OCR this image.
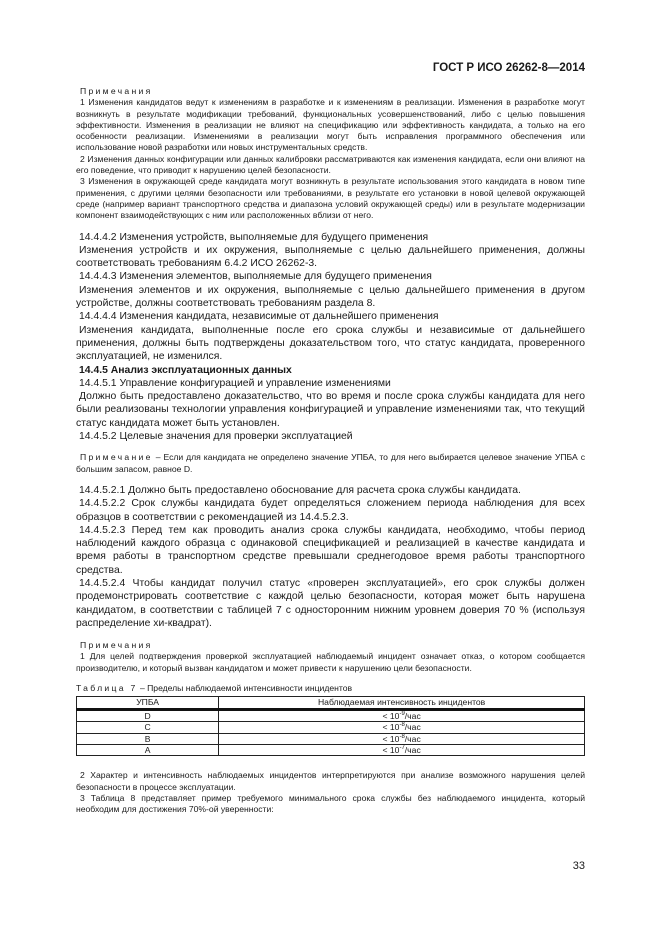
ГОСТ Р ИСО 26262-8—2014

Примечания

1 Изменения кандидатов ведут к изменениям в разработке и к изменениям в реализации. Изменения в разработке могут возникнуть в результате модификации требований, функциональных усовершенствований, либо с целью повышения эффективности. Изменения в реализации не влияют на спецификацию или эффективность кандидата, а только на его особенности реализации. Изменениями в реализации могут быть исправления программного обеспечения или использование новой разработки или новых инструментальных средств.

2 Изменения данных конфигурации или данных калибровки рассматриваются как изменения кандидата, если они влияют на его поведение, что приводит к нарушению целей безопасности.

3 Изменения в окружающей среде кандидата могут возникнуть в результате использования этого кандидата в новом типе применения, с другими целями безопасности или требованиями, в результате его установки в новой целевой окружающей среде (например вариант транспортного средства и диапазона условий окружающей среды) или в результате модернизации компонент взаимодействующих с ним или расположенных вблизи от него.

14.4.4.2 Изменения устройств, выполняемые для будущего применения

Изменения устройств и их окружения, выполняемые с целью дальнейшего применения, должны соответствовать требованиям 6.4.2 ИСО 26262-3.

14.4.4.3 Изменения элементов, выполняемые для будущего применения

Изменения элементов и их окружения, выполняемые с целью дальнейшего применения в другом устройстве, должны соответствовать требованиям раздела 8.

14.4.4.4 Изменения кандидата, независимые от дальнейшего применения

Изменения кандидата, выполненные после его срока службы и независимые от дальнейшего применения, должны быть подтверждены доказательством того, что статус кандидата, проверенного эксплуатацией, не изменился.

14.4.5 Анализ эксплуатационных данных

14.4.5.1 Управление конфигурацией и управление изменениями

Должно быть предоставлено доказательство, что во время и после срока службы кандидата для него были реализованы технологии управления конфигурацией и управление изменениями так, что текущий статус кандидата может быть установлен.

14.4.5.2 Целевые значения для проверки эксплуатацией

Примечание – Если для кандидата не определено значение УПБА, то для него выбирается целевое значение УПБА с большим запасом, равное D.

14.4.5.2.1 Должно быть предоставлено обоснование для расчета срока службы кандидата.

14.4.5.2.2 Срок службы кандидата будет определяться сложением периода наблюдения для всех образцов в соответствии с рекомендацией из 14.4.5.2.3.

14.4.5.2.3 Перед тем как проводить анализ срока службы кандидата, необходимо, чтобы период наблюдений каждого образца с одинаковой спецификацией и реализацией в качестве кандидата и время работы в транспортном средстве превышали среднегодовое время работы транспортного средства.

14.4.5.2.4 Чтобы кандидат получил статус «проверен эксплуатацией», его срок службы должен продемонстрировать соответствие с каждой целью безопасности, которая может быть нарушена кандидатом, в соответствии с таблицей 7 с односторонним нижним уровнем доверия 70 % (используя распределение хи-квадрат).

Примечания

1 Для целей подтверждения проверкой эксплуатацией наблюдаемый инцидент означает отказ, о котором сообщается производителю, и который вызван кандидатом и может привести к нарушению цели безопасности.

Таблица 7 – Пределы наблюдаемой интенсивности инцидентов

УПБА	Наблюдаемая интенсивность инцидентов
D	< $10^{-9}$/час
C	< $10^{-8}$/час
B	< $10^{-8}$/час
A	< $10^{-7}$/час

2 Характер и интенсивность наблюдаемых инцидентов интерпретируются при анализе возможного нарушения целей безопасности в процессе эксплуатации.

3 Таблица 8 представляет пример требуемого минимального срока службы без наблюдаемого инцидента, который необходим для достижения 70%-ой уверенности:

33
